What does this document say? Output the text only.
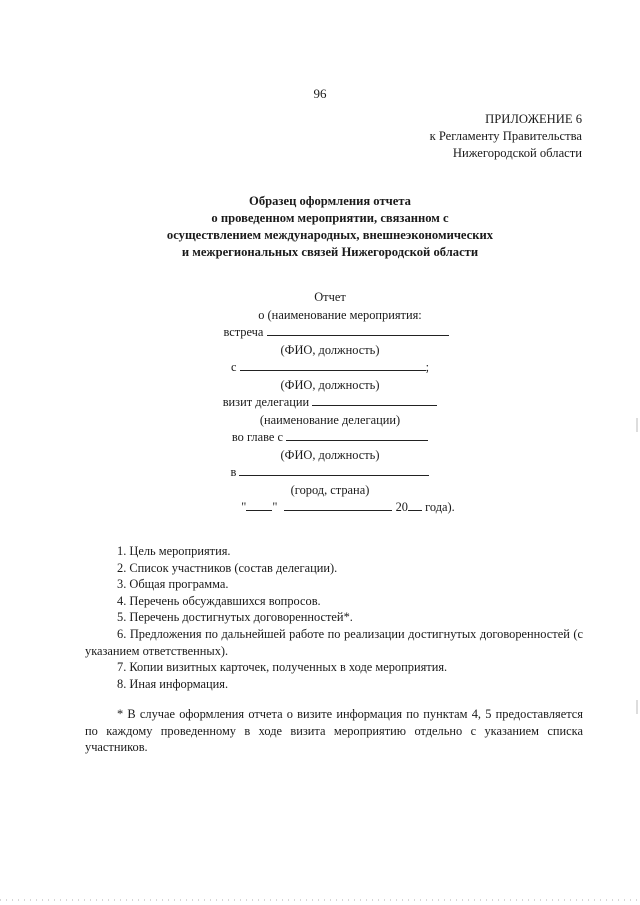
96
ПРИЛОЖЕНИЕ 6
к Регламенту Правительства
Нижегородской области
Образец оформления отчета
о проведенном мероприятии, связанном с
осуществлением международных, внешнеэкономических
и межрегиональных связей Нижегородской области
Отчет
о (наименование мероприятия:
встреча
(ФИО, должность)
с	;
(ФИО, должность)
визит делегации
(наименование делегации)
во главе с
(ФИО, должность)
в
(город, страна)
" "	20 года).
1. Цель мероприятия.
2. Список участников (состав делегации).
3. Общая программа.
4. Перечень обсуждавшихся вопросов.
5. Перечень достигнутых договоренностей*.
6. Предложения по дальнейшей работе по реализации достигнутых договоренностей (с указанием ответственных).
7. Копии визитных карточек, полученных в ходе мероприятия.
8. Иная информация.
* В случае оформления отчета о визите информация по пунктам 4, 5 предоставляется по каждому проведенному в ходе визита мероприятию отдельно с указанием списка участников.
